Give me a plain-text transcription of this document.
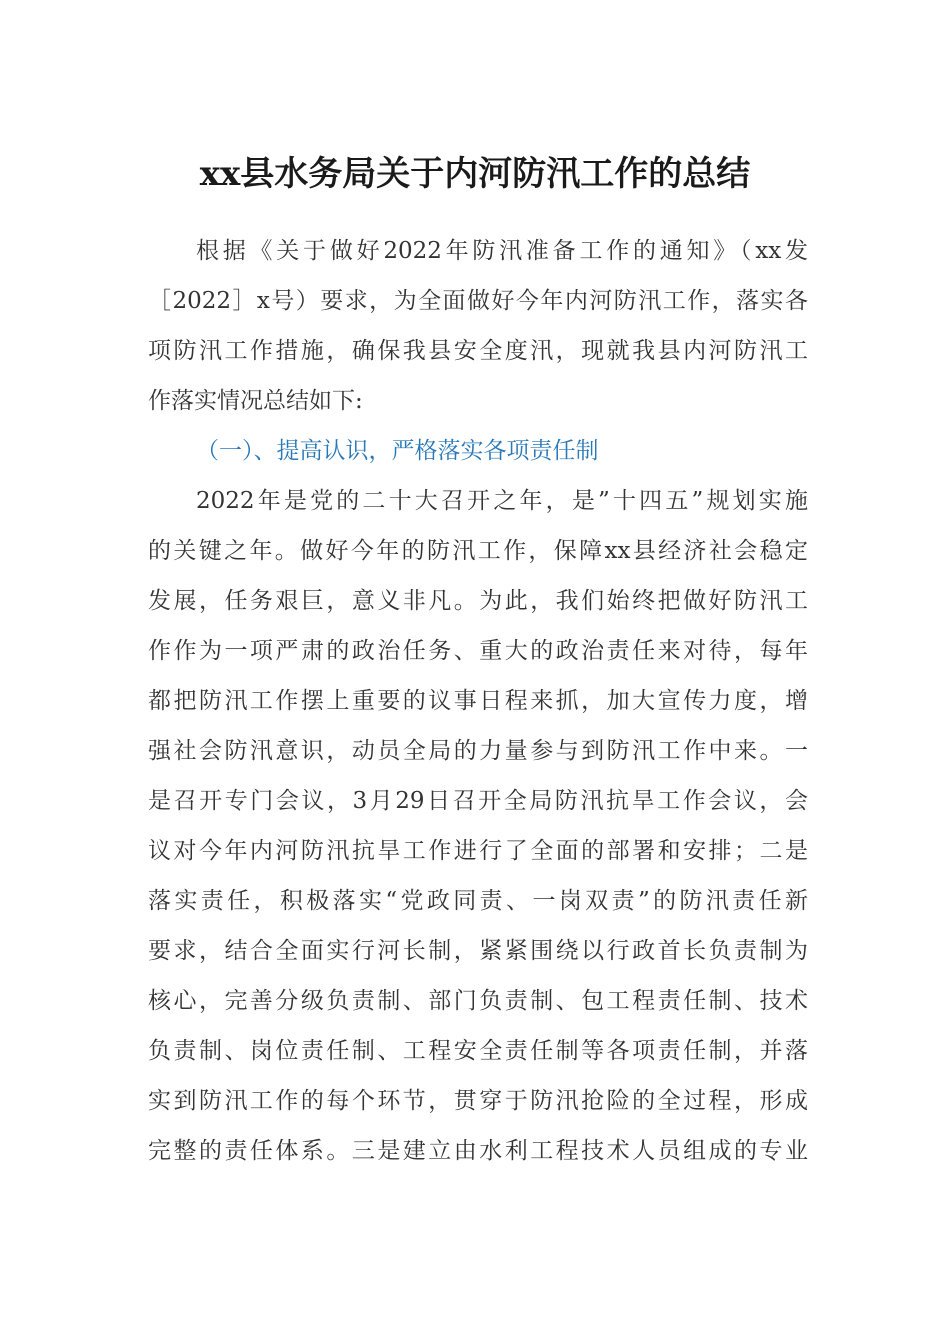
xx县水务局关于内河防汛工作的总结

根据《关于做好2022年防汛准备工作的通知》（xx发

［2022］x号）要求，为全面做好今年内河防汛工作，落实各

项防汛工作措施，确保我县安全度汛，现就我县内河防汛工

作落实情况总结如下:

（一）、提高认识，严格落实各项责任制

2022年是党的二十大召开之年，是”十四五”规划实施

的关键之年。做好今年的防汛工作，保障xx县经济社会稳定

发展，任务艰巨，意义非凡。为此，我们始终把做好防汛工

作作为一项严肃的政治任务、重大的政治责任来对待，每年

都把防汛工作摆上重要的议事日程来抓，加大宣传力度，增

强社会防汛意识，动员全局的力量参与到防汛工作中来。一

是召开专门会议，3月29日召开全局防汛抗旱工作会议，会

议对今年内河防汛抗旱工作进行了全面的部署和安排；二是

落实责任，积极落实“党政同责、一岗双责”的防汛责任新

要求，结合全面实行河长制，紧紧围绕以行政首长负责制为

核心，完善分级负责制、部门负责制、包工程责任制、技术

负责制、岗位责任制、工程安全责任制等各项责任制，并落

实到防汛工作的每个环节，贯穿于防汛抢险的全过程，形成

完整的责任体系。三是建立由水利工程技术人员组成的专业
